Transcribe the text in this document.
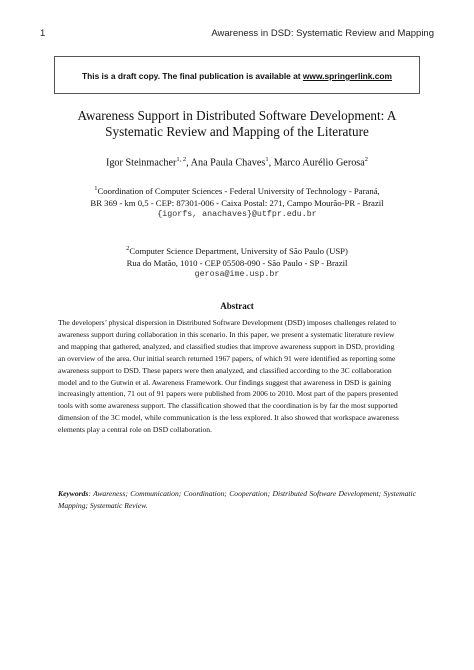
1	Awareness in DSD: Systematic Review and Mapping
This is a draft copy. The final publication is available at www.springerlink.com
Awareness Support in Distributed Software Development: A
Systematic Review and Mapping of the Literature
Igor Steinmacher$^{1, 2}$, Ana Paula Chaves$^1$, Marco Aurélio Gerosa$^2$
$^1$Coordination of Computer Sciences - Federal University of Technology - Paraná,
BR 369 - km 0,5 - CEP: 87301-006 - Caixa Postal: 271, Campo Mourão-PR - Brazil
{igorfs, anachaves}@utfpr.edu.br
$^2$Computer Science Department, University of São Paulo (USP)
Rua do Matão, 1010 - CEP 05508-090 - São Paulo - SP - Brazil
gerosa@ime.usp.br
Abstract
The developers’ physical dispersion in Distributed Software Development (DSD) imposes challenges related to
awareness support during collaboration in this scenario. In this paper, we present a systematic literature review
and mapping that gathered, analyzed, and classified studies that improve awareness support in DSD, providing
an overview of the area. Our initial search returned 1967 papers, of which 91 were identified as reporting some
awareness support to DSD. These papers were then analyzed, and classified according to the 3C collaboration
model and to the Gutwin et al. Awareness Framework. Our findings suggest that awareness in DSD is gaining
increasingly attention, 71 out of 91 papers were published from 2006 to 2010. Most part of the papers presented
tools with some awareness support. The classification showed that the coordination is by far the most supported
dimension of the 3C model, while communication is the less explored. It also showed that workspace awareness
elements play a central role on DSD collaboration.
Keywords: Awareness; Communication; Coordination; Cooperation; Distributed Software Development; Systematic Mapping; Systematic Review.
